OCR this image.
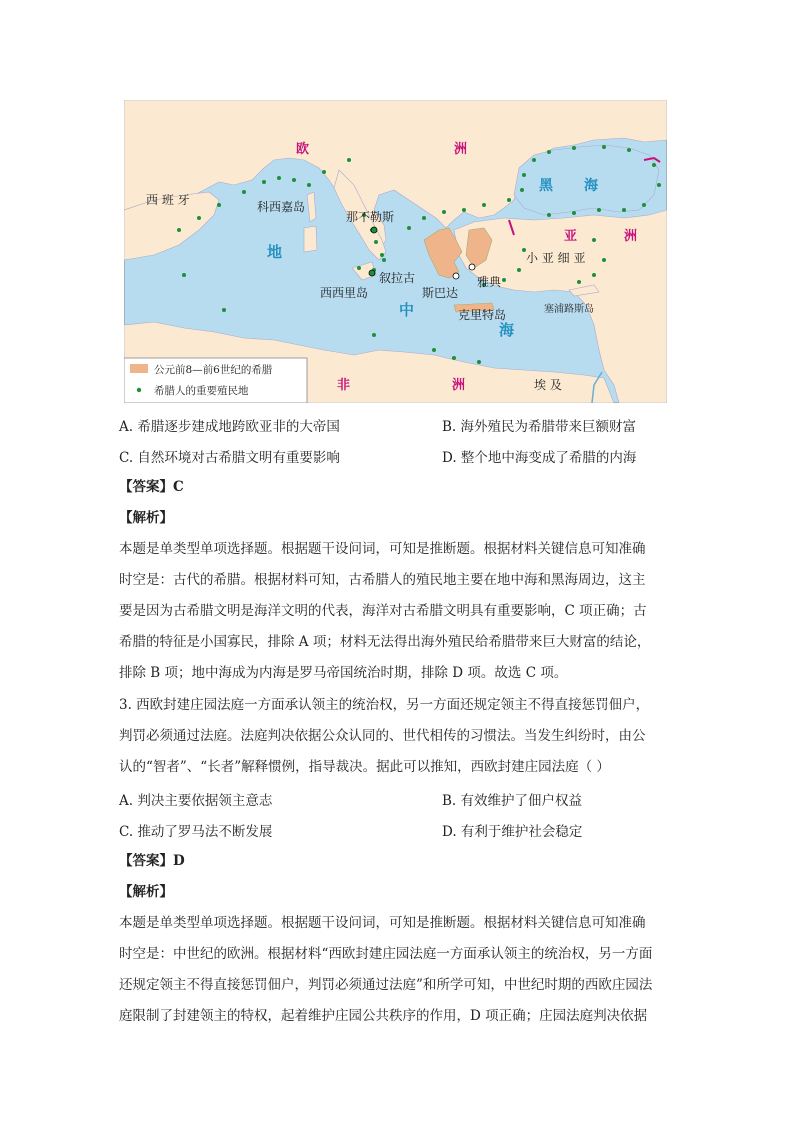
欧	洲
西 班 牙	科西嘉岛
那不勒斯
黑 海
亚	洲
小 亚 细 亚
地
中
海
叙拉古
西西里岛	斯巴达
雅典
克里特岛	塞浦路斯岛
非	洲	埃 及
公元前8—前6世纪的希腊
希腊人的重要殖民地
A. 希腊逐步建成地跨欧亚非的大帝国	B. 海外殖民为希腊带来巨额财富
C. 自然环境对古希腊文明有重要影响	D. 整个地中海变成了希腊的内海
【答案】C
【解析】
本题是单类型单项选择题。根据题干设问词，可知是推断题。根据材料关键信息可知准确
时空是：古代的希腊。根据材料可知，古希腊人的殖民地主要在地中海和黑海周边，这主
要是因为古希腊文明是海洋文明的代表，海洋对古希腊文明具有重要影响，C 项正确；古
希腊的特征是小国寡民，排除 A 项；材料无法得出海外殖民给希腊带来巨大财富的结论，
排除 B 项；地中海成为内海是罗马帝国统治时期，排除 D 项。故选 C 项。
3. 西欧封建庄园法庭一方面承认领主的统治权，另一方面还规定领主不得直接惩罚佃户，
判罚必须通过法庭。法庭判决依据公众认同的、世代相传的习惯法。当发生纠纷时，由公
认的“智者”、“长者”解释惯例，指导裁决。据此可以推知，西欧封建庄园法庭（ ）
A. 判决主要依据领主意志	B. 有效维护了佃户权益
C. 推动了罗马法不断发展	D. 有利于维护社会稳定
【答案】D
【解析】
本题是单类型单项选择题。根据题干设问词，可知是推断题。根据材料关键信息可知准确
时空是：中世纪的欧洲。根据材料“西欧封建庄园法庭一方面承认领主的统治权，另一方面
还规定领主不得直接惩罚佃户，判罚必须通过法庭”和所学可知，中世纪时期的西欧庄园法
庭限制了封建领主的特权，起着维护庄园公共秩序的作用，D 项正确；庄园法庭判决依据
